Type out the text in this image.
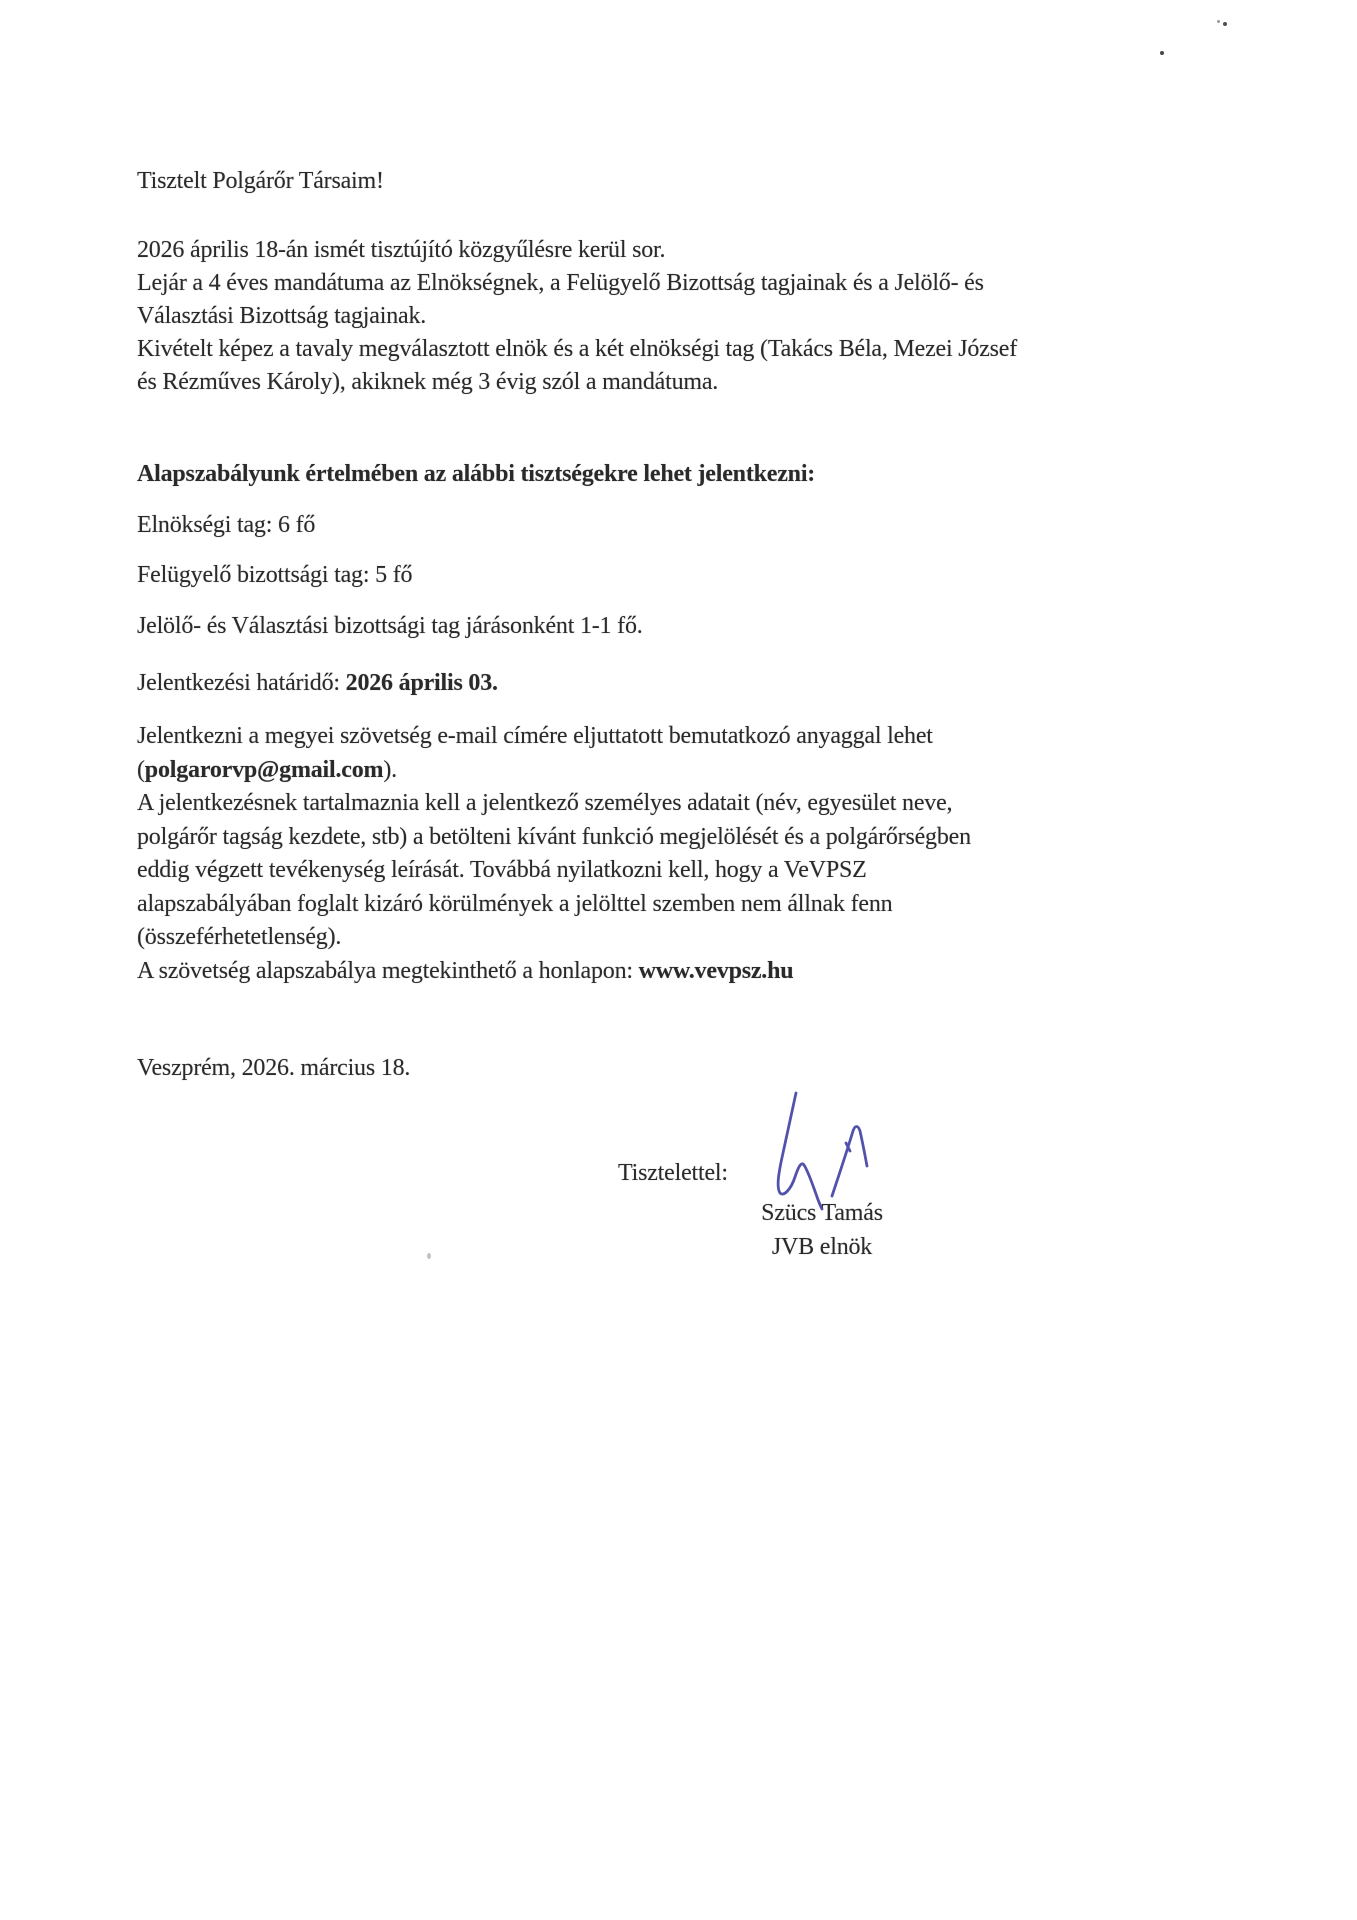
Tisztelt Polgárőr Társaim!
2026 április 18-án ismét tisztújító közgyűlésre kerül sor.
Lejár a 4 éves mandátuma az Elnökségnek, a Felügyelő Bizottság tagjainak és a Jelölő- és
Választási Bizottság tagjainak.
Kivételt képez a tavaly megválasztott elnök és a két elnökségi tag (Takács Béla, Mezei József
és Rézműves Károly), akiknek még 3 évig szól a mandátuma.
Alapszabályunk értelmében az alábbi tisztségekre lehet jelentkezni:
Elnökségi tag: 6 fő
Felügyelő bizottsági tag: 5 fő
Jelölő- és Választási bizottsági tag járásonként 1-1 fő.
Jelentkezési határidő: 2026 április 03.
Jelentkezni a megyei szövetség e-mail címére eljuttatott bemutatkozó anyaggal lehet
(polgarorvp@gmail.com).
A jelentkezésnek tartalmaznia kell a jelentkező személyes adatait (név, egyesület neve,
polgárőr tagság kezdete, stb) a betölteni kívánt funkció megjelölését és a polgárőrségben
eddig végzett tevékenység leírását. Továbbá nyilatkozni kell, hogy a VeVPSZ
alapszabályában foglalt kizáró körülmények a jelölttel szemben nem állnak fenn
(összeférhetetlenség).
A szövetség alapszabálya megtekinthető a honlapon: www.vevpsz.hu
Veszprém, 2026. március 18.
Tisztelettel:
Szücs Tamás
JVB elnök
